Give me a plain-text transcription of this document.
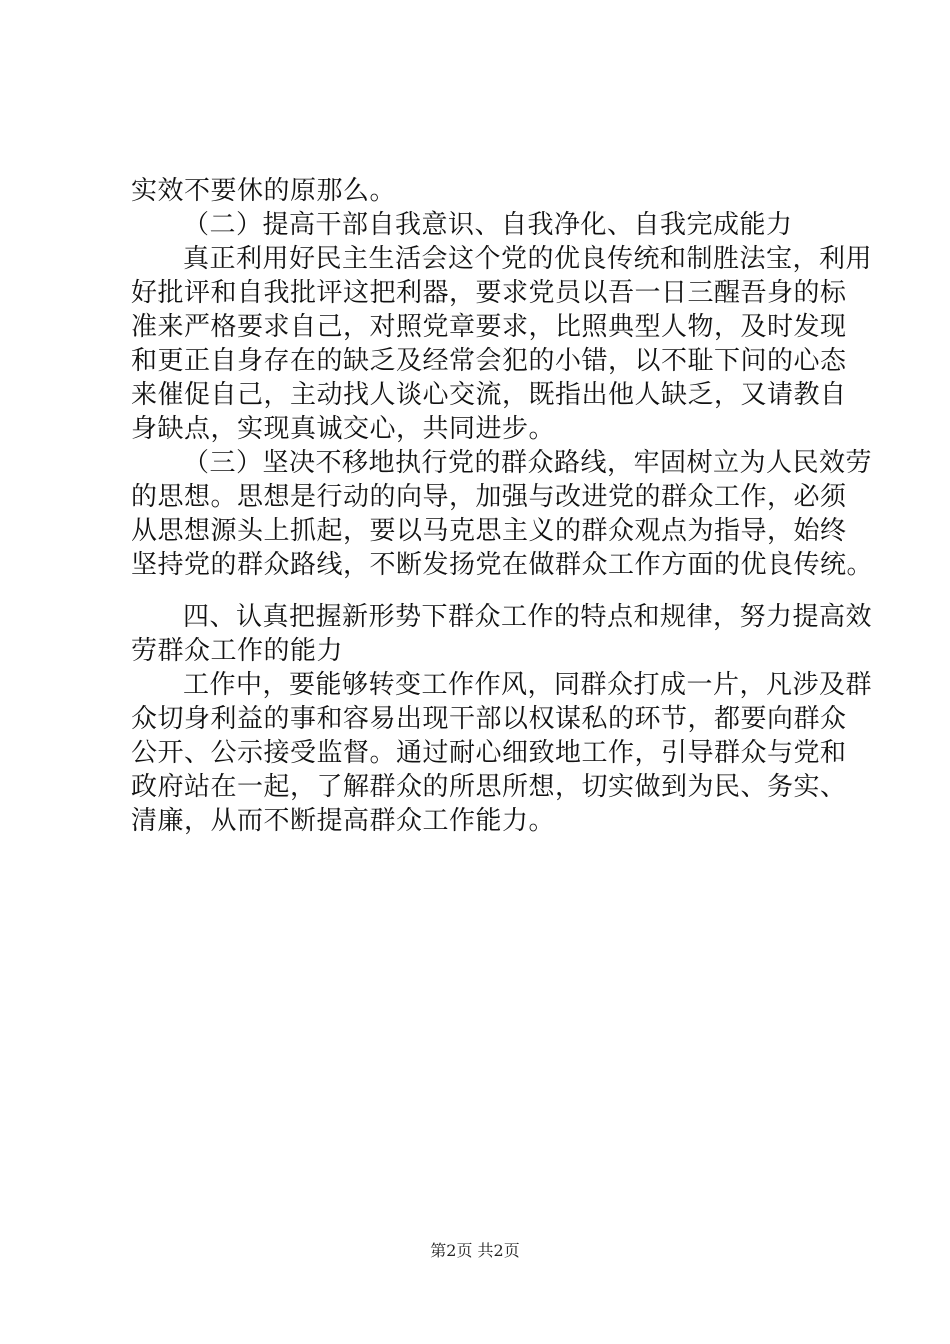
实效不要休的原那么。
（二）提高干部自我意识、自我净化、自我完成能力
真正利用好民主生活会这个党的优良传统和制胜法宝，利用
好批评和自我批评这把利器，要求党员以吾一日三醒吾身的标
准来严格要求自己，对照党章要求，比照典型人物，及时发现
和更正自身存在的缺乏及经常会犯的小错，以不耻下问的心态
来催促自己，主动找人谈心交流，既指出他人缺乏，又请教自
身缺点，实现真诚交心，共同进步。
（三）坚决不移地执行党的群众路线，牢固树立为人民效劳
的思想。思想是行动的向导，加强与改进党的群众工作，必须
从思想源头上抓起，要以马克思主义的群众观点为指导，始终
坚持党的群众路线，不断发扬党在做群众工作方面的优良传统。
四、认真把握新形势下群众工作的特点和规律，努力提高效
劳群众工作的能力
工作中，要能够转变工作作风，同群众打成一片，凡涉及群
众切身利益的事和容易出现干部以权谋私的环节，都要向群众
公开、公示接受监督。通过耐心细致地工作，引导群众与党和
政府站在一起，了解群众的所思所想，切实做到为民、务实、
清廉，从而不断提高群众工作能力。
第2页 共2页
